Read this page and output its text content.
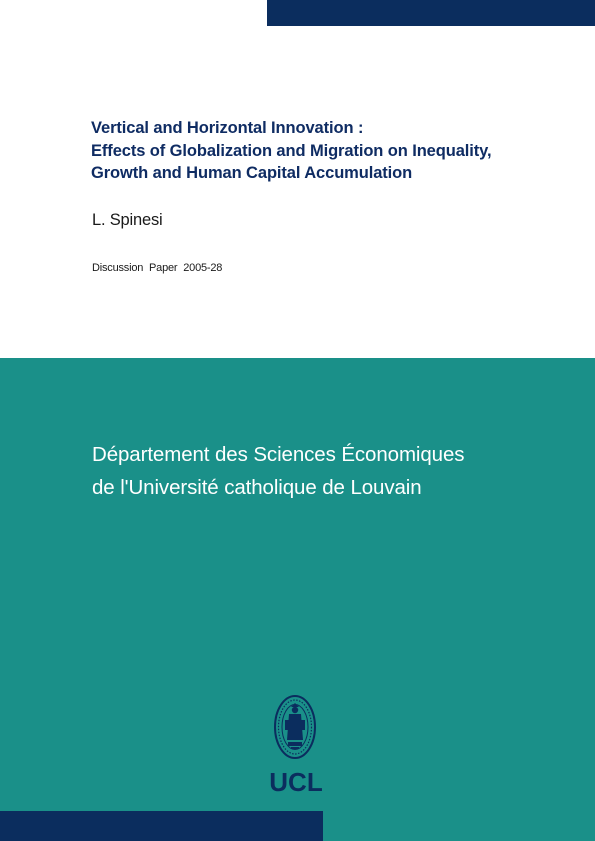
Vertical and Horizontal Innovation :
Effects of Globalization and Migration on Inequality,
Growth and Human Capital Accumulation
L. Spinesi
Discussion Paper 2005-28
Département des Sciences Économiques
de l'Université catholique de Louvain
UCL
